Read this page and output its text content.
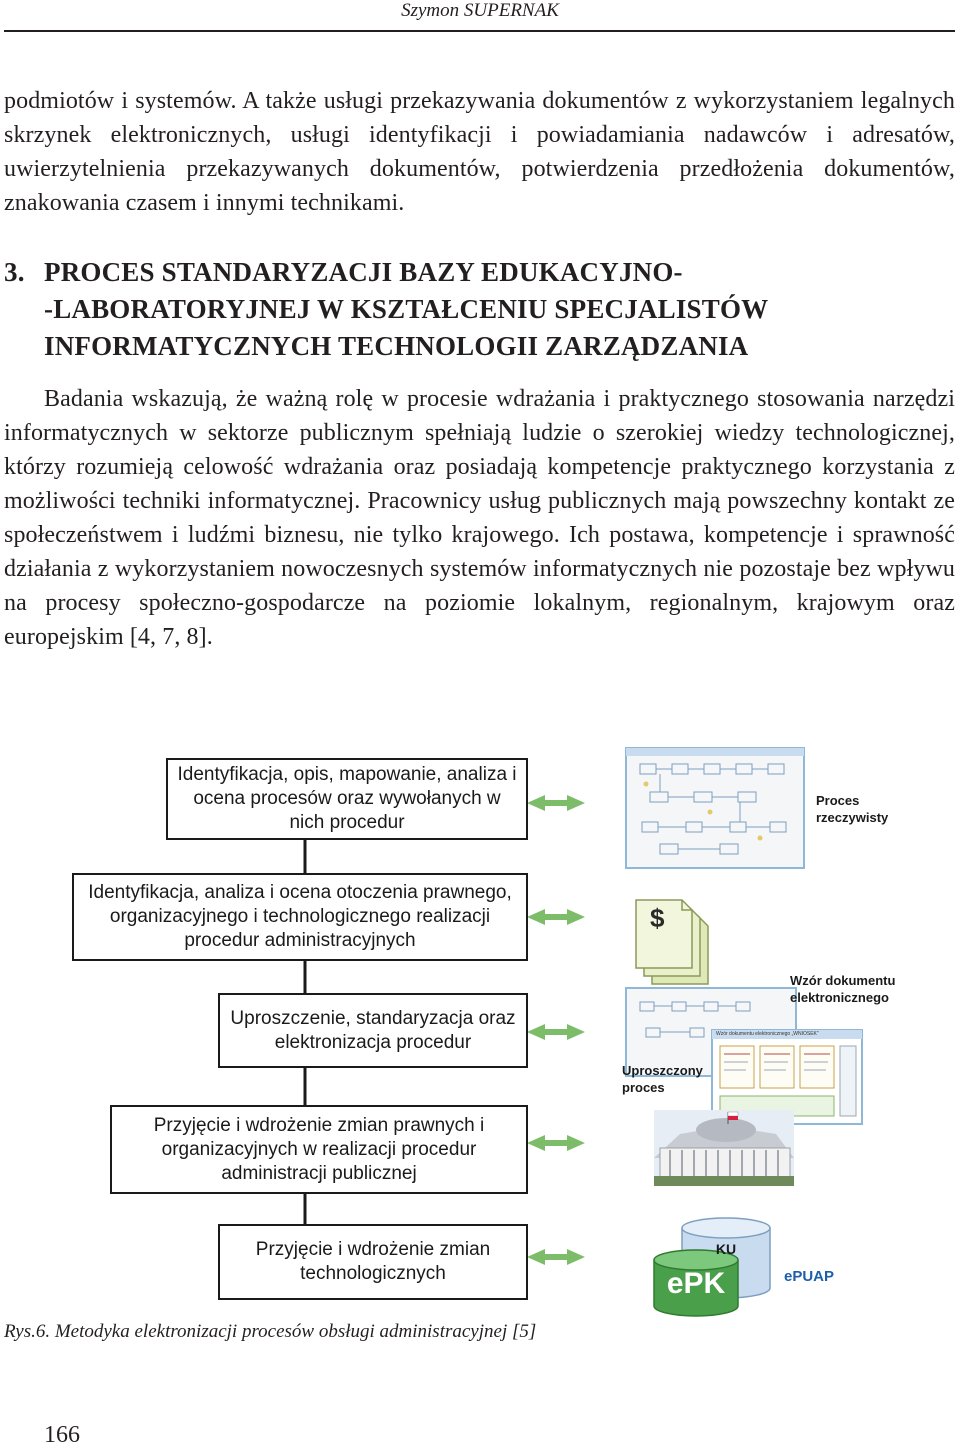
Szymon SUPERNAK

podmiotów i systemów. A także usługi przekazywania dokumentów z wykorzystaniem legalnych skrzynek elektronicznych, usługi identyfikacji i powiadamiania nadawców i adresatów, uwierzytelnienia przekazywanych dokumentów, potwierdzenia przedłożenia dokumentów, znakowania czasem i innymi technikami.

3. PROCES STANDARYZACJI BAZY EDUKACYJNO-
-LABORATORYJNEJ W KSZTAŁCENIU SPECJALISTÓW
INFORMATYCZNYCH TECHNOLOGII ZARZĄDZANIA

Badania wskazują, że ważną rolę w procesie wdrażania i praktycznego stosowania narzędzi informatycznych w sektorze publicznym spełniają ludzie o szerokiej wiedzy technologicznej, którzy rozumieją celowość wdrażania oraz posiadają kompetencje praktycznego korzystania z możliwości techniki informatycznej. Pracownicy usług publicznych mają powszechny kontakt ze społeczeństwem i ludźmi biznesu, nie tylko krajowego. Ich postawa, kompetencje i sprawność działania z wykorzystaniem nowoczesnych systemów informatycznych nie pozostaje bez wpływu na procesy społeczno-gospodarcze na poziomie lokalnym, regionalnym, krajowym oraz europejskim [4, 7, 8].

Identyfikacja, opis, mapowanie, analiza i ocena procesów oraz wywołanych w nich procedur
Identyfikacja, analiza i ocena otoczenia prawnego, organizacyjnego i technologicznego realizacji procedur administracyjnych
Uproszczenie, standaryzacja oraz elektronizacja procedur
Przyjęcie i wdrożenie zmian prawnych i organizacyjnych w realizacji procedur administracji publicznej
Przyjęcie i wdrożenie zmian technologicznych
Proces rzeczywisty
Wzór dokumentu elektronicznego
Uproszczony proces
Wzór dokumentu elektronicznego „WNIOSEK”
$
KU
ePK	ePUAP
Rys.6. Metodyka elektronizacji procesów obsługi administracyjnej [5]
166
